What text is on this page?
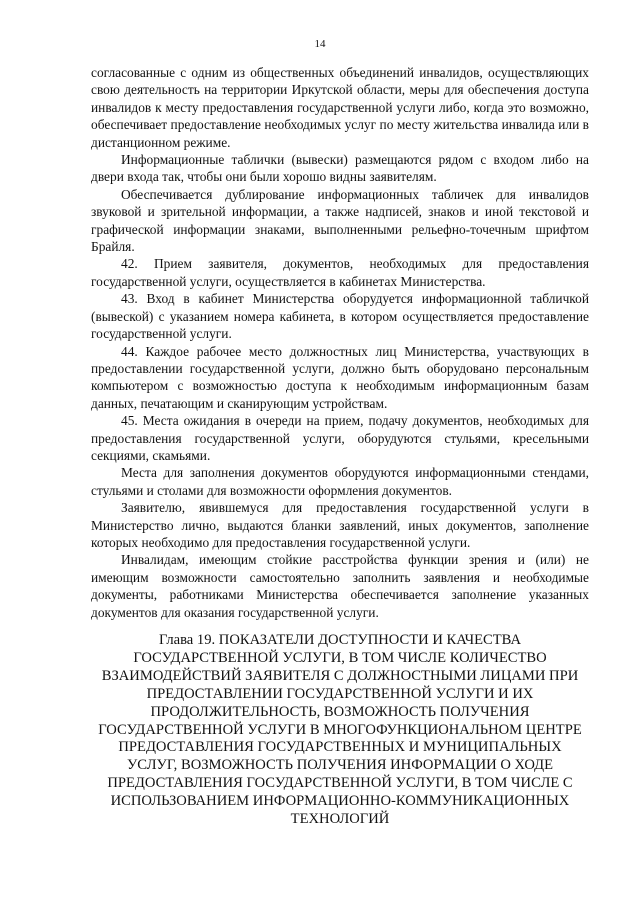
14

согласованные с одним из общественных объединений инвалидов, осуществляющих свою деятельность на территории Иркутской области, меры для обеспечения доступа инвалидов к месту предоставления государственной услуги либо, когда это возможно, обеспечивает предоставление необходимых услуг по месту жительства инвалида или в дистанционном режиме.

Информационные таблички (вывески) размещаются рядом с входом либо на двери входа так, чтобы они были хорошо видны заявителям.

Обеспечивается дублирование информационных табличек для инвалидов звуковой и зрительной информации, а также надписей, знаков и иной текстовой и графической информации знаками, выполненными рельефно-точечным шрифтом Брайля.

42. Прием заявителя, документов, необходимых для предоставления государственной услуги, осуществляется в кабинетах Министерства.

43. Вход в кабинет Министерства оборудуется информационной табличкой (вывеской) с указанием номера кабинета, в котором осуществляется предоставление государственной услуги.

44. Каждое рабочее место должностных лиц Министерства, участвующих в предоставлении государственной услуги, должно быть оборудовано персональным компьютером с возможностью доступа к необходимым информационным базам данных, печатающим и сканирующим устройствам.

45. Места ожидания в очереди на прием, подачу документов, необходимых для предоставления государственной услуги, оборудуются стульями, кресельными секциями, скамьями.

Места для заполнения документов оборудуются информационными стендами, стульями и столами для возможности оформления документов.

Заявителю, явившемуся для предоставления государственной услуги в Министерство лично, выдаются бланки заявлений, иных документов, заполнение которых необходимо для предоставления государственной услуги.

Инвалидам, имеющим стойкие расстройства функции зрения и (или) не имеющим возможности самостоятельно заполнить заявления и необходимые документы, работниками Министерства обеспечивается заполнение указанных документов для оказания государственной услуги.

Глава 19. ПОКАЗАТЕЛИ ДОСТУПНОСТИ И КАЧЕСТВА
ГОСУДАРСТВЕННОЙ УСЛУГИ, В ТОМ ЧИСЛЕ КОЛИЧЕСТВО
ВЗАИМОДЕЙСТВИЙ ЗАЯВИТЕЛЯ С ДОЛЖНОСТНЫМИ ЛИЦАМИ ПРИ
ПРЕДОСТАВЛЕНИИ ГОСУДАРСТВЕННОЙ УСЛУГИ И ИХ
ПРОДОЛЖИТЕЛЬНОСТЬ, ВОЗМОЖНОСТЬ ПОЛУЧЕНИЯ
ГОСУДАРСТВЕННОЙ УСЛУГИ В МНОГОФУНКЦИОНАЛЬНОМ ЦЕНТРЕ
ПРЕДОСТАВЛЕНИЯ ГОСУДАРСТВЕННЫХ И МУНИЦИПАЛЬНЫХ
УСЛУГ, ВОЗМОЖНОСТЬ ПОЛУЧЕНИЯ ИНФОРМАЦИИ О ХОДЕ
ПРЕДОСТАВЛЕНИЯ ГОСУДАРСТВЕННОЙ УСЛУГИ, В ТОМ ЧИСЛЕ С
ИСПОЛЬЗОВАНИЕМ ИНФОРМАЦИОННО-КОММУНИКАЦИОННЫХ
ТЕХНОЛОГИЙ
